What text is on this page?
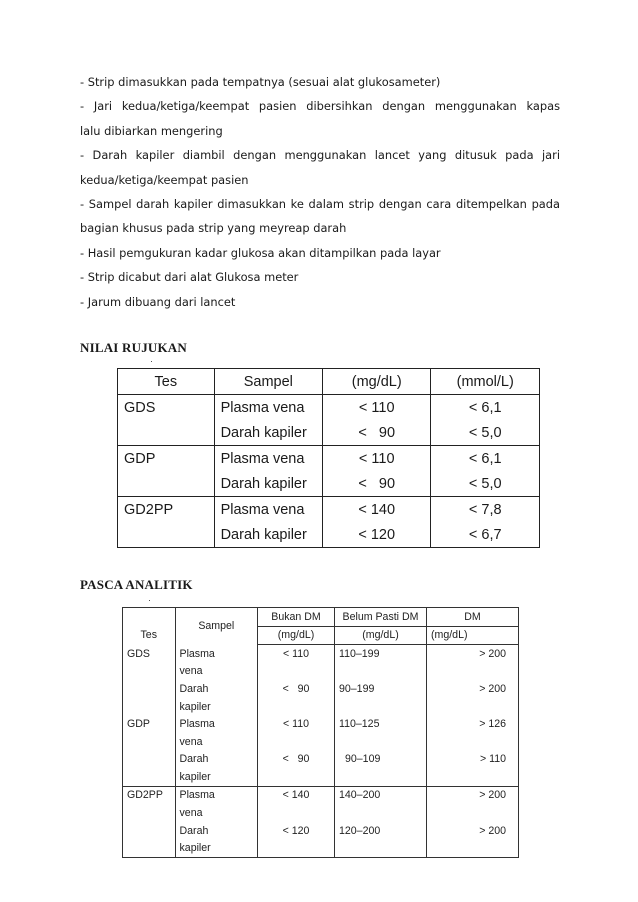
- Strip dimasukkan pada tempatnya (sesuai alat glukosameter)
- Jari kedua/ketiga/keempat pasien dibersihkan dengan menggunakan kapas
lalu dibiarkan mengering
- Darah kapiler diambil dengan menggunakan lancet yang ditusuk pada jari
kedua/ketiga/keempat pasien
- Sampel darah kapiler dimasukkan ke dalam strip dengan cara ditempelkan pada
bagian khusus pada strip yang meyreap darah
- Hasil pemgukuran kadar glukosa akan ditampilkan pada layar
- Strip dicabut dari alat Glukosa meter
- Jarum dibuang dari lancet
NILAI RUJUKAN
·
Tes	Sampel	(mg/dL)	(mmol/L)
GDS	Plasma vena	< 110	< 6,1
	Darah kapiler	<   90	< 5,0
GDP	Plasma vena	< 110	< 6,1
	Darah kapiler	<   90	< 5,0
GD2PP	Plasma vena	< 140	< 7,8
	Darah kapiler	< 120	< 6,7
PASCA ANALITIK
·
Tes	Sampel	Bukan DM	Belum Pasti DM	DM
		(mg/dL)	(mg/dL)	(mg/dL)
GDS	Plasma	< 110	110–199	> 200
	vena			
	Darah	<   90	90–199	> 200
	kapiler			
GDP	Plasma	< 110	110–125	> 126
	vena			
	Darah	<   90	90–109	> 110
	kapiler			
GD2PP	Plasma	< 140	140–200	> 200
	vena			
	Darah	< 120	120–200	> 200
	kapiler			
